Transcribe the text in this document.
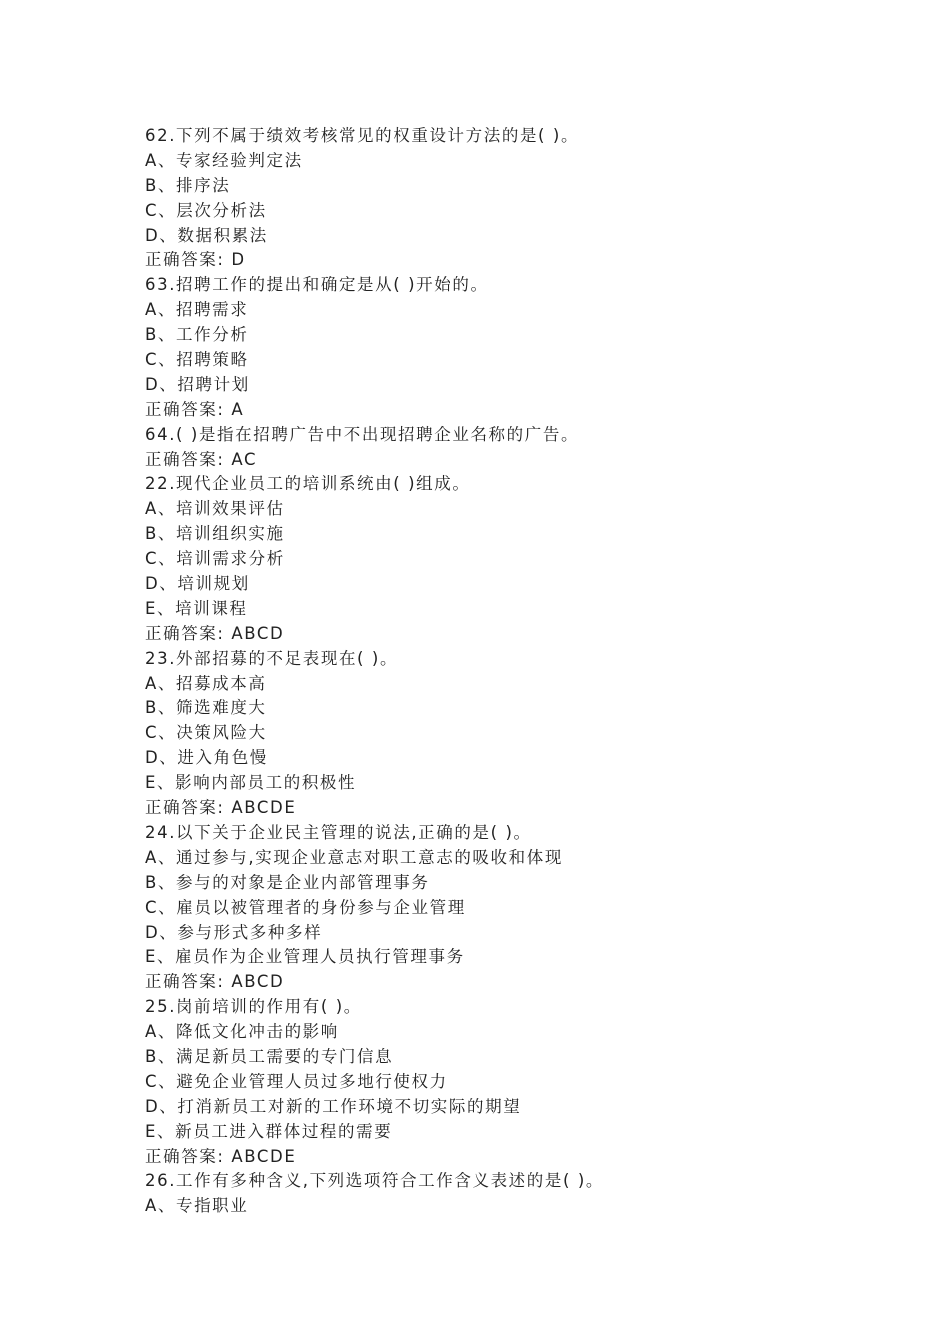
62.下列不属于绩效考核常见的权重设计方法的是( )。
A、专家经验判定法
B、排序法
C、层次分析法
D、数据积累法
正确答案: D
63.招聘工作的提出和确定是从( )开始的。
A、招聘需求
B、工作分析
C、招聘策略
D、招聘计划
正确答案: A
64.( )是指在招聘广告中不出现招聘企业名称的广告。
正确答案: AC
22.现代企业员工的培训系统由( )组成。
A、培训效果评估
B、培训组织实施
C、培训需求分析
D、培训规划
E、培训课程
正确答案: ABCD
23.外部招募的不足表现在( )。
A、招募成本高
B、筛选难度大
C、决策风险大
D、进入角色慢
E、影响内部员工的积极性
正确答案: ABCDE
24.以下关于企业民主管理的说法,正确的是( )。
A、通过参与,实现企业意志对职工意志的吸收和体现
B、参与的对象是企业内部管理事务
C、雇员以被管理者的身份参与企业管理
D、参与形式多种多样
E、雇员作为企业管理人员执行管理事务
正确答案: ABCD
25.岗前培训的作用有( )。
A、降低文化冲击的影响
B、满足新员工需要的专门信息
C、避免企业管理人员过多地行使权力
D、打消新员工对新的工作环境不切实际的期望
E、新员工进入群体过程的需要
正确答案: ABCDE
26.工作有多种含义,下列选项符合工作含义表述的是( )。
A、专指职业
